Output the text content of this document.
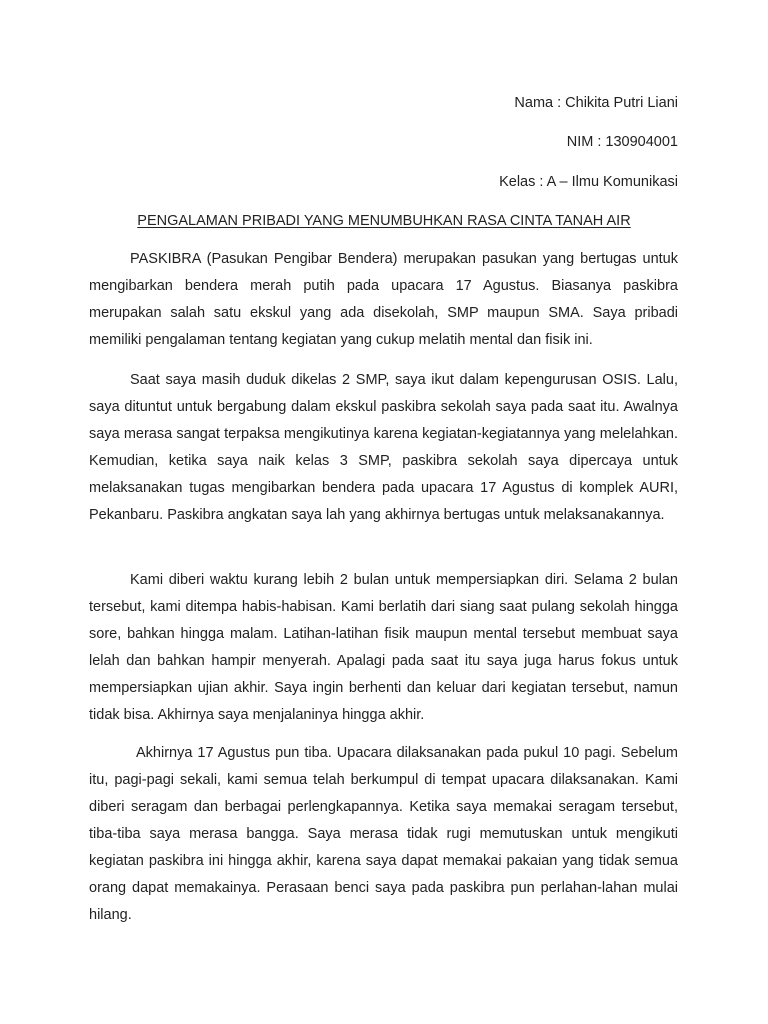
Nama : Chikita Putri Liani
NIM : 130904001
Kelas : A – Ilmu Komunikasi
PENGALAMAN PRIBADI YANG MENUMBUHKAN RASA CINTA TANAH AIR

PASKIBRA (Pasukan Pengibar Bendera) merupakan pasukan yang bertugas untuk mengibarkan bendera merah putih pada upacara 17 Agustus. Biasanya paskibra merupakan salah satu ekskul yang ada disekolah, SMP maupun SMA. Saya pribadi memiliki pengalaman tentang kegiatan yang cukup melatih mental dan fisik ini.

Saat saya masih duduk dikelas 2 SMP, saya ikut dalam kepengurusan OSIS. Lalu, saya dituntut untuk bergabung dalam ekskul paskibra sekolah saya pada saat itu. Awalnya saya merasa sangat terpaksa mengikutinya karena kegiatan-kegiatannya yang melelahkan. Kemudian, ketika saya naik kelas 3 SMP, paskibra sekolah saya dipercaya untuk melaksanakan tugas mengibarkan bendera pada upacara 17 Agustus di komplek AURI, Pekanbaru. Paskibra angkatan saya lah yang akhirnya bertugas untuk melaksanakannya.

Kami diberi waktu kurang lebih 2 bulan untuk mempersiapkan diri. Selama 2 bulan tersebut, kami ditempa habis-habisan. Kami berlatih dari siang saat pulang sekolah hingga sore, bahkan hingga malam. Latihan-latihan fisik maupun mental tersebut membuat saya lelah dan bahkan hampir menyerah. Apalagi pada saat itu saya juga harus fokus untuk mempersiapkan ujian akhir. Saya ingin berhenti dan keluar dari kegiatan tersebut, namun tidak bisa. Akhirnya saya menjalaninya hingga akhir.

Akhirnya 17 Agustus pun tiba. Upacara dilaksanakan pada pukul 10 pagi. Sebelum itu, pagi-pagi sekali, kami semua telah berkumpul di tempat upacara dilaksanakan. Kami diberi seragam dan berbagai perlengkapannya. Ketika saya memakai seragam tersebut, tiba-tiba saya merasa bangga. Saya merasa tidak rugi memutuskan untuk mengikuti kegiatan paskibra ini hingga akhir, karena saya dapat memakai pakaian yang tidak semua orang dapat memakainya. Perasaan benci saya pada paskibra pun perlahan-lahan mulai hilang.
